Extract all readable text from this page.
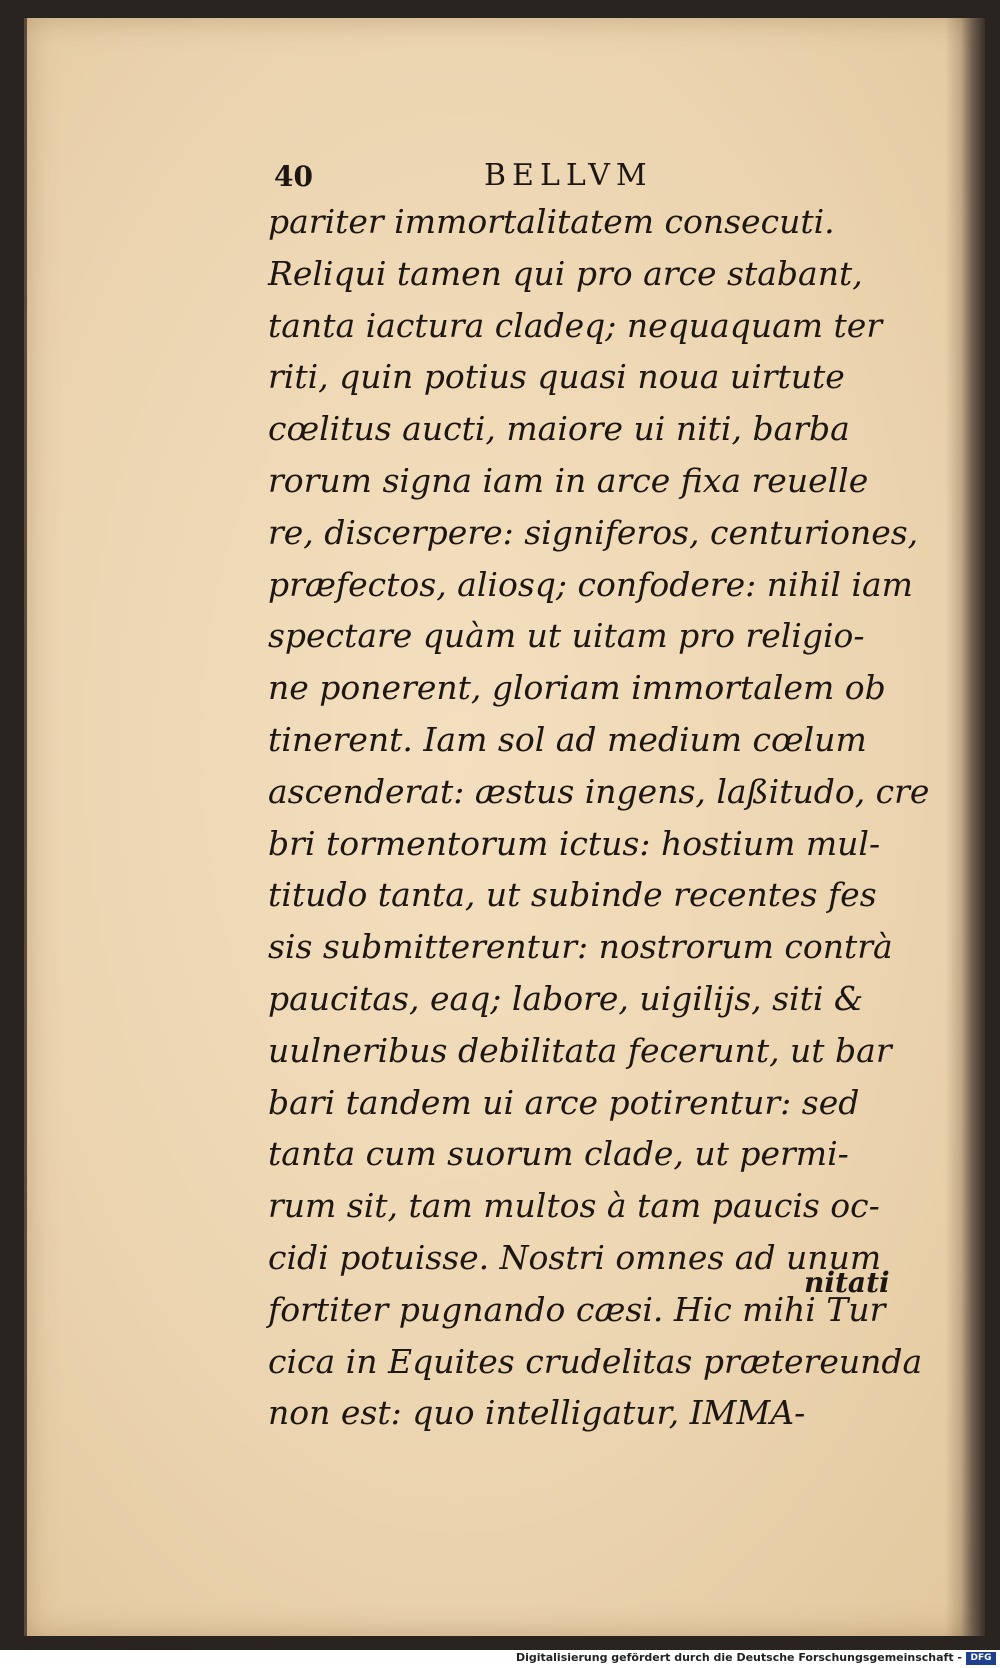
40	BELLVM
pariter immortalitatem consecuti.
Reliqui tamen qui pro arce stabant,
tanta iactura cladeq; nequaquam ter
riti, quin potius quasi noua uirtute
cœlitus aucti, maiore ui niti, barba
rorum signa iam in arce fixa reuelle
re, discerpere: signiferos, centuriones,
præfectos, aliosq; confodere: nihil iam
spectare quàm ut uitam pro religio-
ne ponerent, gloriam immortalem ob
tinerent. Iam sol ad medium cœlum
ascenderat: æstus ingens, laßitudo, cre
bri tormentorum ictus: hostium mul-
titudo tanta, ut subinde recentes fes
sis submitterentur: nostrorum contrà
paucitas, eaq; labore, uigilijs, siti &
uulneribus debilitata fecerunt, ut bar
bari tandem ui arce potirentur: sed
tanta cum suorum clade, ut permi-
rum sit, tam multos à tam paucis oc-
cidi potuisse. Nostri omnes ad unum
fortiter pugnando cæsi. Hic mihi Tur
cica in Equites crudelitas prætereunda
non est: quo intelligatur, IMMA-
nitati
Digitalisierung gefördert durch die Deutsche Forschungsgemeinschaft - DFG
